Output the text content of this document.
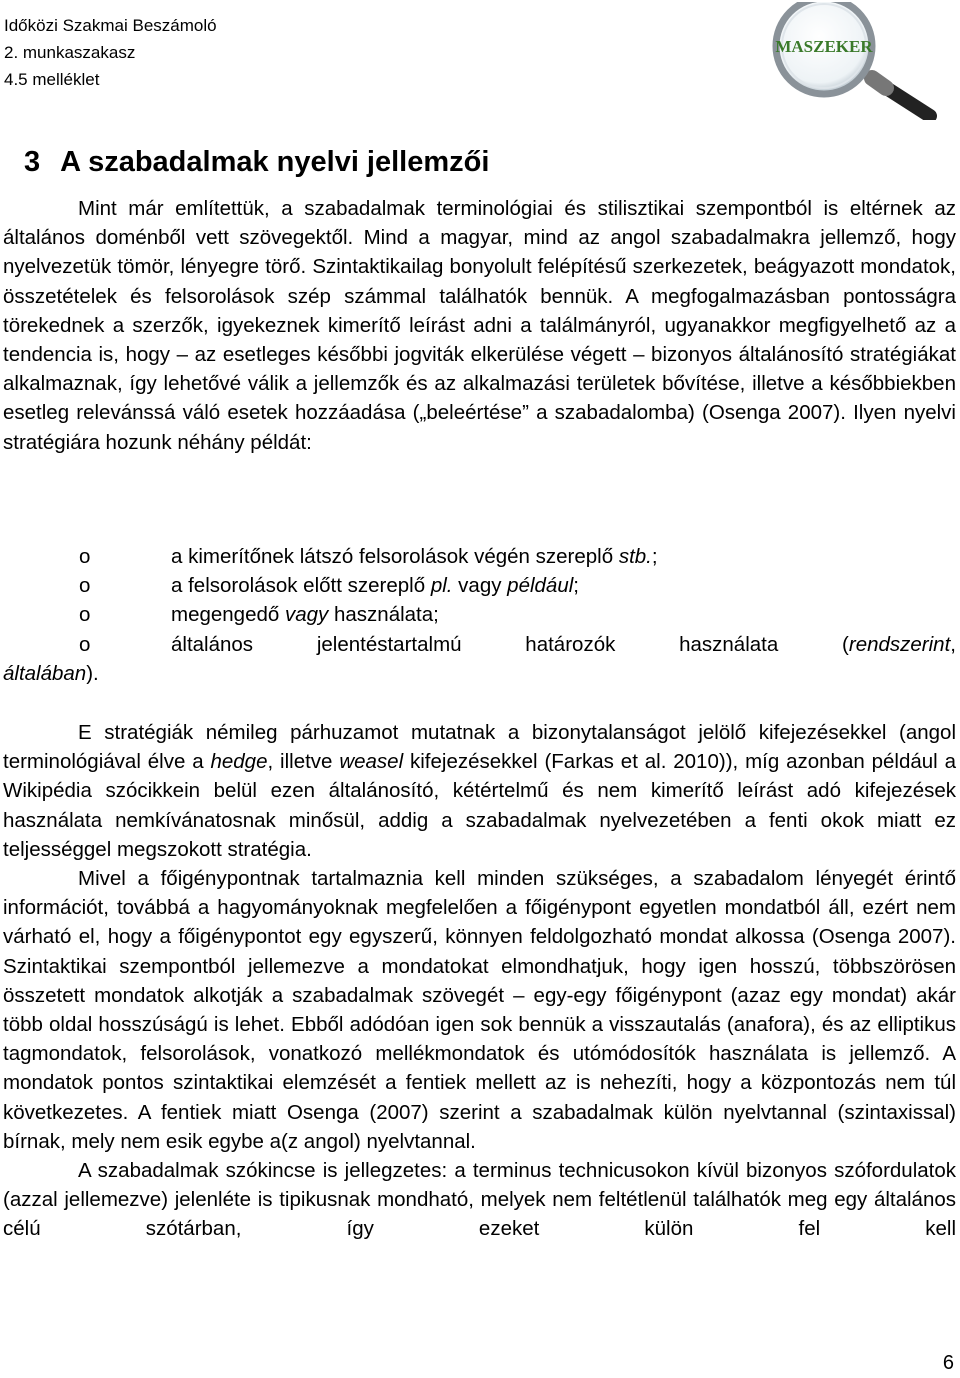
Időközi Szakmai Beszámoló
2. munkaszakasz
4.5 melléklet
MASZEKER
3 A szabadalmak nyelvi jellemzői

Mint már említettük, a szabadalmak terminológiai és stilisztikai szempontból is eltérnek az általános doménből vett szövegektől. Mind a magyar, mind az angol szabadalmakra jellemző, hogy nyelvezetük tömör, lényegre törő. Szintaktikailag bonyolult felépítésű szerkezetek, beágyazott mondatok, összetételek és felsorolások szép számmal találhatók bennük. A megfogalmazásban pontosságra törekednek a szerzők, igyekeznek kimerítő leírást adni a találmányról, ugyanakkor megfigyelhető az a tendencia is, hogy – az esetleges későbbi jogviták elkerülése végett – bizonyos általánosító stratégiákat alkalmaznak, így lehetővé válik a jellemzők és az alkalmazási területek bővítése, illetve a későbbiekben esetleg relevánssá váló esetek hozzáadása („beleértése” a szabadalomba) (Osenga 2007). Ilyen nyelvi stratégiára hozunk néhány példát:

o	a kimerítőnek látszó felsorolások végén szereplő stb.;
o	a felsorolások előtt szereplő pl. vagy például;
o	megengedő vagy használata;
o	általános jelentéstartalmú határozók használata (rendszerint,
általában).

E stratégiák némileg párhuzamot mutatnak a bizonytalanságot jelölő kifejezésekkel (angol terminológiával élve a hedge, illetve weasel kifejezésekkel (Farkas et al. 2010)), míg azonban például a Wikipédia szócikkein belül ezen általánosító, kétértelmű és nem kimerítő leírást adó kifejezések használata nemkívánatosnak minősül, addig a szabadalmak nyelvezetében a fenti okok miatt ez teljességgel megszokott stratégia.

Mivel a főigénypontnak tartalmaznia kell minden szükséges, a szabadalom lényegét érintő információt, továbbá a hagyományoknak megfelelően a főigénypont egyetlen mondatból áll, ezért nem várható el, hogy a főigénypontot egy egyszerű, könnyen feldolgozható mondat alkossa (Osenga 2007). Szintaktikai szempontból jellemezve a mondatokat elmondhatjuk, hogy igen hosszú, többszörösen összetett mondatok alkotják a szabadalmak szövegét – egy-egy főigénypont (azaz egy mondat) akár több oldal hosszúságú is lehet. Ebből adódóan igen sok bennük a visszautalás (anafora), és az elliptikus tagmondatok, felsorolások, vonatkozó mellékmondatok és utómódosítók használata is jellemző. A mondatok pontos szintaktikai elemzését a fentiek mellett az is nehezíti, hogy a központozás nem túl következetes. A fentiek miatt Osenga (2007) szerint a szabadalmak külön nyelvtannal (szintaxissal) bírnak, mely nem esik egybe a(z angol) nyelvtannal.

A szabadalmak szókincse is jellegzetes: a terminus technicusokon kívül bizonyos szófordulatok (azzal jellemezve) jelenléte is tipikusnak mondható, melyek nem feltétlenül találhatók meg egy általános célú szótárban, így ezeket külön fel kell

6
